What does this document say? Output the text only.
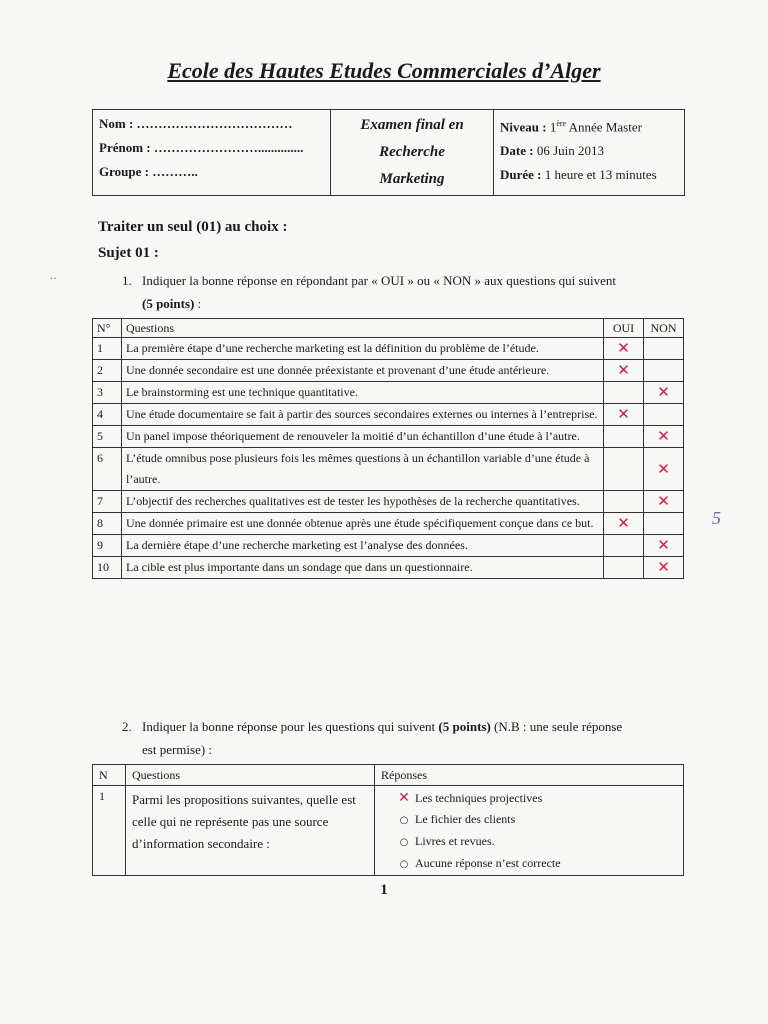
Ecole des Hautes Etudes Commerciales d’Alger
Nom : ………………………………
Prénom : ……………………..............
Groupe : ………..

Examen final en
Recherche
Marketing

Niveau : 1ère Année Master
Date : 06 Juin 2013
Durée : 1 heure et 13 minutes
Traiter un seul (01) au choix :
Sujet 01 :
··	1. Indiquer la bonne réponse en répondant par « OUI » ou « NON » aux questions qui suivent
(5 points) :
N°	Questions	OUI	NON
1	La première étape d’une recherche marketing est la définition du problème de l’étude.	✕	
2	Une donnée secondaire est une donnée préexistante et provenant d’une étude antérieure.	✕	
3	Le brainstorming est une technique quantitative.		✕
4	Une étude documentaire se fait à partir des sources secondaires externes ou internes à l’entreprise.	✕	
5	Un panel impose théoriquement de renouveler la moitié d’un échantillon d’une étude à l’autre.		✕
6	L’étude omnibus pose plusieurs fois les mêmes questions à un échantillon variable d’une étude à l’autre.		✕
7	L’objectif des recherches qualitatives est de tester les hypothèses de la recherche quantitatives.		✕
8	Une donnée primaire est une donnée obtenue après une étude spécifiquement conçue dans ce but.	✕	
9	La dernière étape d’une recherche marketing est l’analyse des données.		✕
10	La cible est plus importante dans un sondage que dans un questionnaire.		✕
5
2. Indiquer la bonne réponse pour les questions qui suivent (5 points) (N.B : une seule réponse
est permise) :
N	Questions	Réponses
1	Parmi les propositions suivantes, quelle est celle qui ne représente pas une source d’information secondaire :	✕ Les techniques projectives
○ Le fichier des clients
○ Livres et revues.
○ Aucune réponse n’est correcte
1
